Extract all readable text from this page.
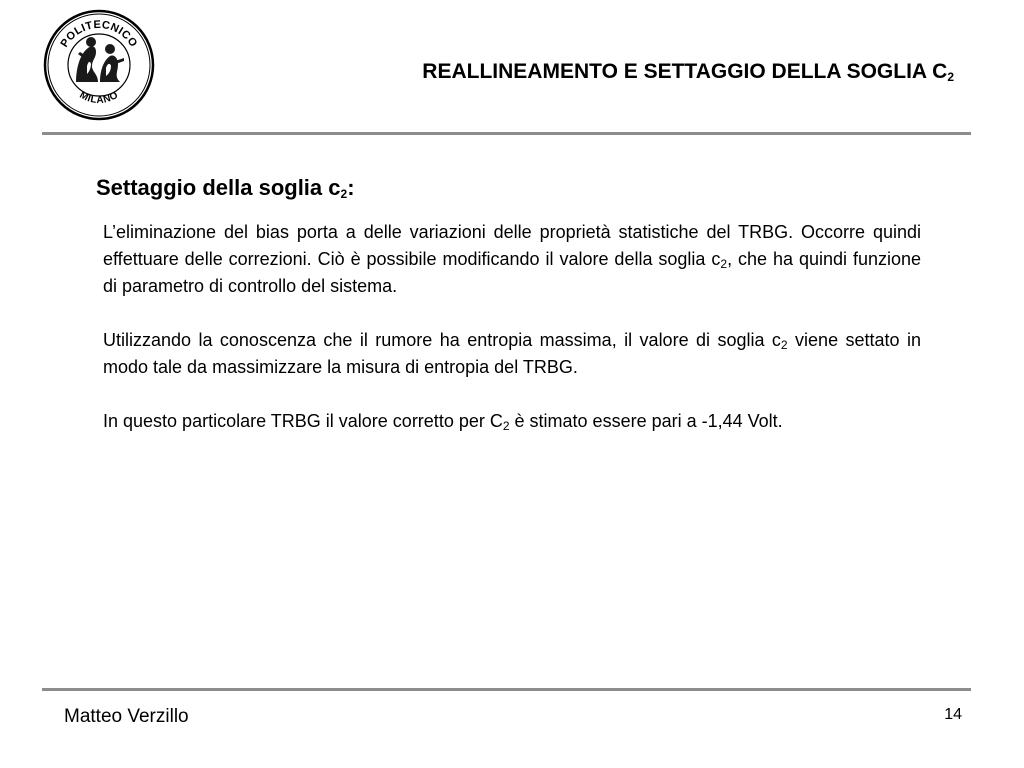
POLITECNICO
MILANO
REALLINEAMENTO E SETTAGGIO DELLA SOGLIA $C_2$
Settaggio della soglia $c_2$:

L’eliminazione del bias porta a delle variazioni delle proprietà statistiche del TRBG. Occorre quindi effettuare delle correzioni. Ciò è possibile modificando il valore della soglia $c_2$, che ha quindi funzione di parametro di controllo del sistema.

Utilizzando la conoscenza che il rumore ha entropia massima, il valore di soglia $c_2$ viene settato in modo tale da massimizzare la misura di entropia del TRBG.

In questo particolare TRBG il valore corretto per $C_2$ è stimato essere pari a -1,44 Volt.

Matteo Verzillo	14
